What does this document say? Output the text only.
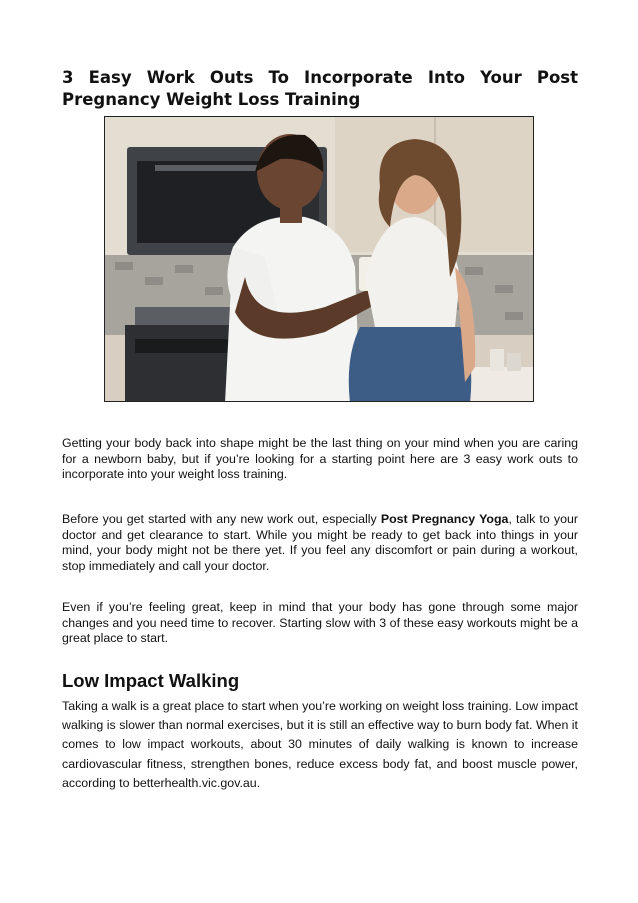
3 Easy Work Outs To Incorporate Into Your Post Pregnancy Weight Loss Training

Getting your body back into shape might be the last thing on your mind when you are caring for a newborn baby, but if you’re looking for a starting point here are 3 easy work outs to incorporate into your weight loss training.

Before you get started with any new work out, especially Post Pregnancy Yoga, talk to your doctor and get clearance to start. While you might be ready to get back into things in your mind, your body might not be there yet. If you feel any discomfort or pain during a workout, stop immediately and call your doctor.

Even if you’re feeling great, keep in mind that your body has gone through some major changes and you need time to recover. Starting slow with 3 of these easy workouts might be a great place to start.

Low Impact Walking

Taking a walk is a great place to start when you’re working on weight loss training. Low impact walking is slower than normal exercises, but it is still an effective way to burn body fat. When it comes to low impact workouts, about 30 minutes of daily walking is known to increase cardiovascular fitness, strengthen bones, reduce excess body fat, and boost muscle power, according to betterhealth.vic.gov.au.
